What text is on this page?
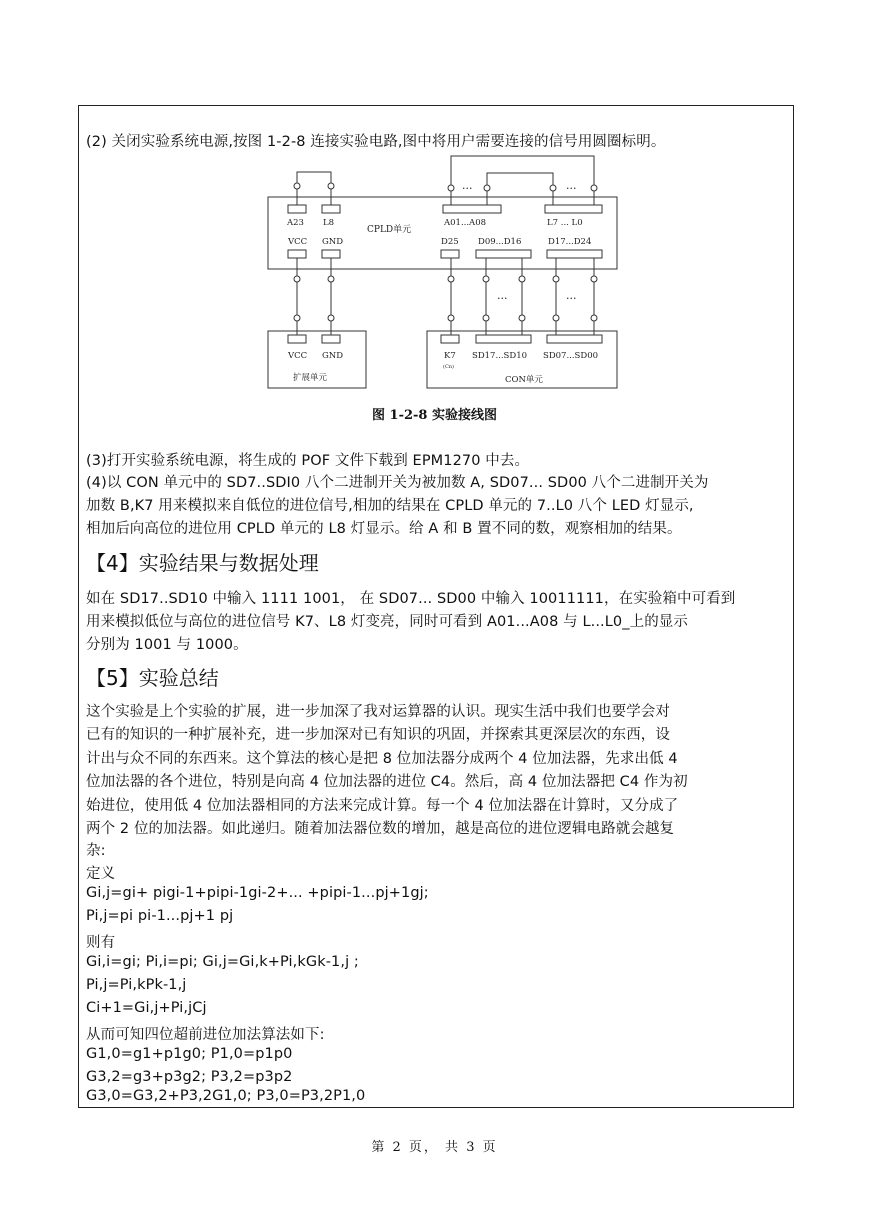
(2) 关闭实验系统电源,按图 1-2-8 连接实验电路,图中将用户需要连接的信号用圆圈标明。
A23 L8	A01...A08	L7 ... L0
CPLD单元
VCC GND	D25 D09...D16	D17...D24
VCC GND
扩展单元
K7
(Cn)
SD17...SD10 SD07...SD00
CON单元
···	···
···	···
图 1-2-8 实验接线图
(3)打开实验系统电源，将生成的 POF 文件下载到 EPM1270 中去。
(4)以 CON 单元中的 SD7..SDI0 八个二进制开关为被加数 A, SD07... SD00 八个二进制开关为
加数 B,K7 用来模拟来自低位的进位信号,相加的结果在 CPLD 单元的 7..L0 八个 LED 灯显示,
相加后向高位的进位用 CPLD 单元的 L8 灯显示。给 A 和 B 置不同的数，观察相加的结果。
【4】实验结果与数据处理
如在 SD17..SD10 中输入 1111 1001， 在 SD07... SD00 中输入 10011111，在实验箱中可看到
用来模拟低位与高位的进位信号 K7、L8 灯变亮，同时可看到 A01...A08 与 L...L0_上的显示
分别为 1001 与 1000。
【5】实验总结
这个实验是上个实验的扩展，进一步加深了我对运算器的认识。现实生活中我们也要学会对
已有的知识的一种扩展补充，进一步加深对已有知识的巩固，并探索其更深层次的东西，设
计出与众不同的东西来。这个算法的核心是把 8 位加法器分成两个 4 位加法器，先求出低 4
位加法器的各个进位，特别是向高 4 位加法器的进位 C4。然后，高 4 位加法器把 C4 作为初
始进位，使用低 4 位加法器相同的方法来完成计算。每一个 4 位加法器在计算时，又分成了
两个 2 位的加法器。如此递归。随着加法器位数的增加，越是高位的进位逻辑电路就会越复
杂:
定义
Gi,j=gi+ pigi-1+pipi-1gi-2+... +pipi-1...pj+1gj;
Pi,j=pi pi-1...pj+1 pj
则有
Gi,i=gi; Pi,i=pi; Gi,j=Gi,k+Pi,kGk-1,j ;
Pi,j=Pi,kPk-1,j
Ci+1=Gi,j+Pi,jCj
从而可知四位超前进位加法算法如下:
G1,0=g1+p1g0; P1,0=p1p0
G3,2=g3+p3g2; P3,2=p3p2
G3,0=G3,2+P3,2G1,0; P3,0=P3,2P1,0
第 2 页， 共 3 页
